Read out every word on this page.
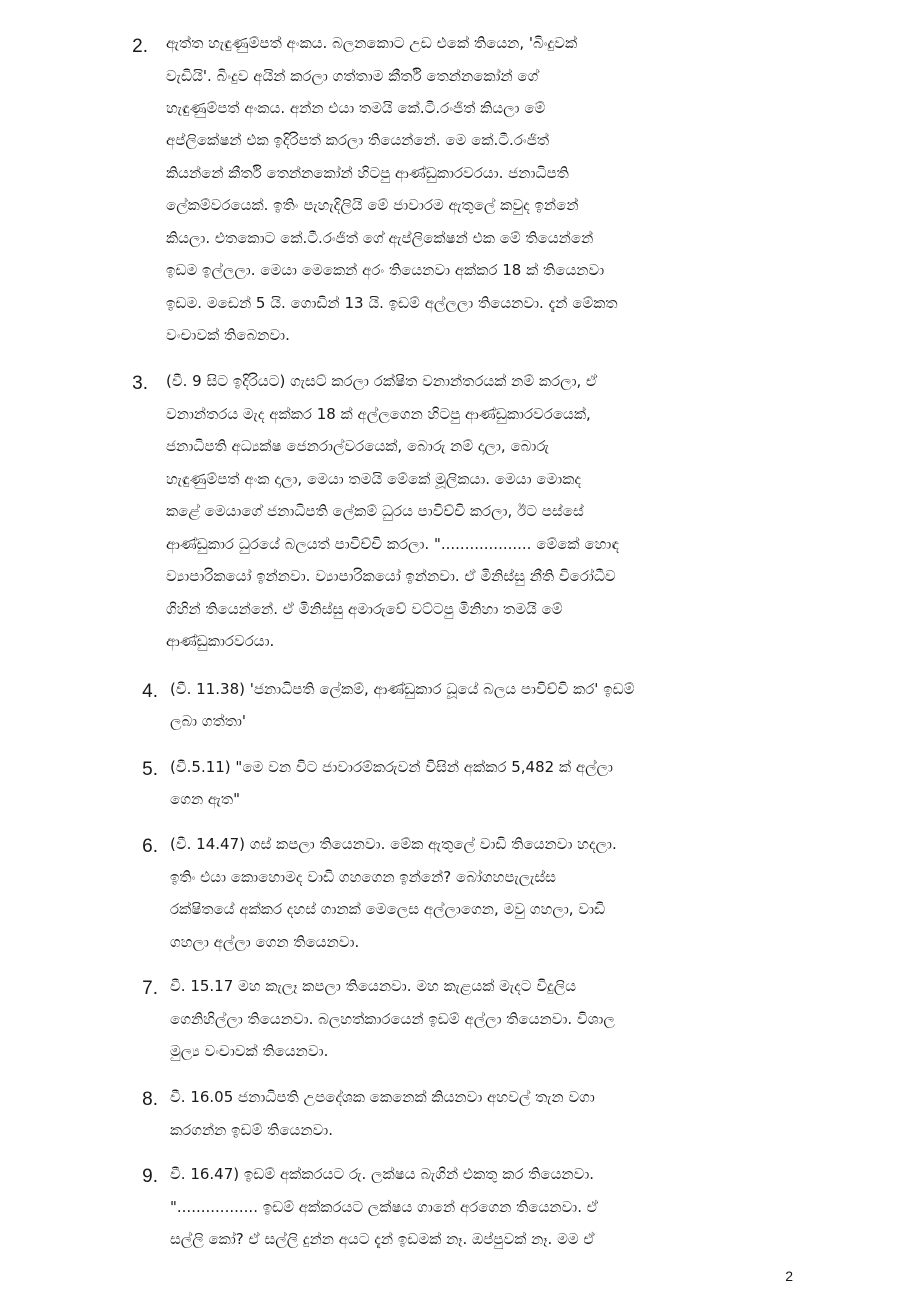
2. ඇත්ත හැඳුණුම්පත් අංකය. බලනකොට උඩ එකේ තියෙන, 'බිංදුවක්
වැඩියි'. බිංදුව අයින් කරලා ගත්තාම කීර්ති තෙන්නකෝන් ගේ
හැඳුණුම්පත් අංකය. අන්න එයා තමයි කේ.ටී.රංජිත් කියලා මේ
අප්ලිකේෂන් එක ඉදිරිපත් කරලා තියෙන්නේ. මෙ කේ.ටී.රංජිත්
කියන්නේ කීර්ති තෙන්නකෝන් හිටපු ආණ්ඩුකාරවරයා. ජනාධිපති
ලේකම්වරයෙක්. ඉතිං පැහැදිලියි මේ ජාවාරම ඇතුලේ කවුද ඉන්නේ
කියලා. එතකොට කේ.ටී.රංජිත් ගේ ඇප්ලිකේෂන් එක මේ තියෙන්නේ
ඉඩම ඉල්ලලා. මෙයා මෙකෙන් අරං තියෙනවා අක්කර 18 ක් තියෙනවා
ඉඩම. මඩෙන් 5 යි. ගොඩින් 13 යි. ඉඩම් අල්ලලා තියෙනවා. දැන් මේකත
වංචාවක් තිබෙනවා.
3. (වී. 9 සිට ඉදිරියට) ගැසට් කරලා රක්ෂිත වනාන්තරයක් නම් කරලා, ඒ
වනාන්තරය මැද අක්කර 18 ක් අල්ලගෙන හිටපු ආණ්ඩුකාරවරයෙක්,
ජනාධිපති අධ්‍යක්ෂ ජෙනරාල්වරයෙක්, බොරු නම් දාලා, බොරු
හැඳුණුම්පත් අංක දාලා, මෙයා තමයි මේකේ මූලිකයා. මෙයා මොකද
කළේ මෙයාගේ ජනාධිපති ලේකම් ධුරය පාවිච්චි කරලා, ඊට පස්සේ
ආණ්ඩුකාර ධුරයේ බලයත් පාවිච්චි කරලා. "................... මේකේ හොඳ
ව්‍යාපාරිකයෝ ඉන්නවා. ව්‍යාපාරිකයෝ ඉන්නවා. ඒ මිනිස්සු නීති විරෝධීව
ගිහින් තියෙන්නේ. ඒ මිනිස්සු අමාරුවේ වට්ටපු මිනිහා තමයි මේ
ආණ්ඩුකාරවරයා.
4. (වී. 11.38) 'ජනාධිපති ලේකම්, ආණ්ඩුකාර ධූයේ බලය පාවිච්චි කර' ඉඩම්
ලබා ගත්තා'
5. (වී.5.11) "මෙ වන විට ජාවාරම්කරුවන් විසින් අක්කර 5,482 ක් අල්ලා
ගෙන ඇත"
6. (වී. 14.47) ගස් කපලා තියෙනවා. මේක ඇතුලේ වාඩි තියෙනවා හදලා.
ඉතිං එයා කොහොමද වාඩි ගහගෙන ඉන්නේ? බෝගහපැලැස්ස
රක්ෂිතයේ අක්කර දහස් ගානක් මෙලෙස අල්ලාගෙන, මවු ගහලා, වාඩි
ගහලා අල්ලා ගෙන තියෙනවා.
7. වී. 15.17 මහ කැලෑ කපලා තියෙනවා. මහ කැළයක් මැදට විදුලිය
ගෙනිහිල්ලා තියෙනවා. බලහත්කාරයෙන් ඉඩම් අල්ලා තියෙනවා. විශාල
මුල්‍ය වංචාවක් තියෙනවා.
8. වී. 16.05 ජනාධිපති උපදේශක කෙනෙක් කියනවා අහවල් තැන වගා
කරගන්න ඉඩම් තියෙනවා.
9. වී. 16.47) ඉඩම් අක්කරයට රු. ලක්ෂය බැගින් එකතු කර තියෙනවා.
"................. ඉඩම් අක්කරයට ලක්ෂය ගානේ අරගෙන තියෙනවා. ඒ
සල්ලි කෝ? ඒ සල්ලි දුන්න අයට දැන් ඉඩමක් නෑ. ඔප්පුවක් නෑ. මම ඒ
2
